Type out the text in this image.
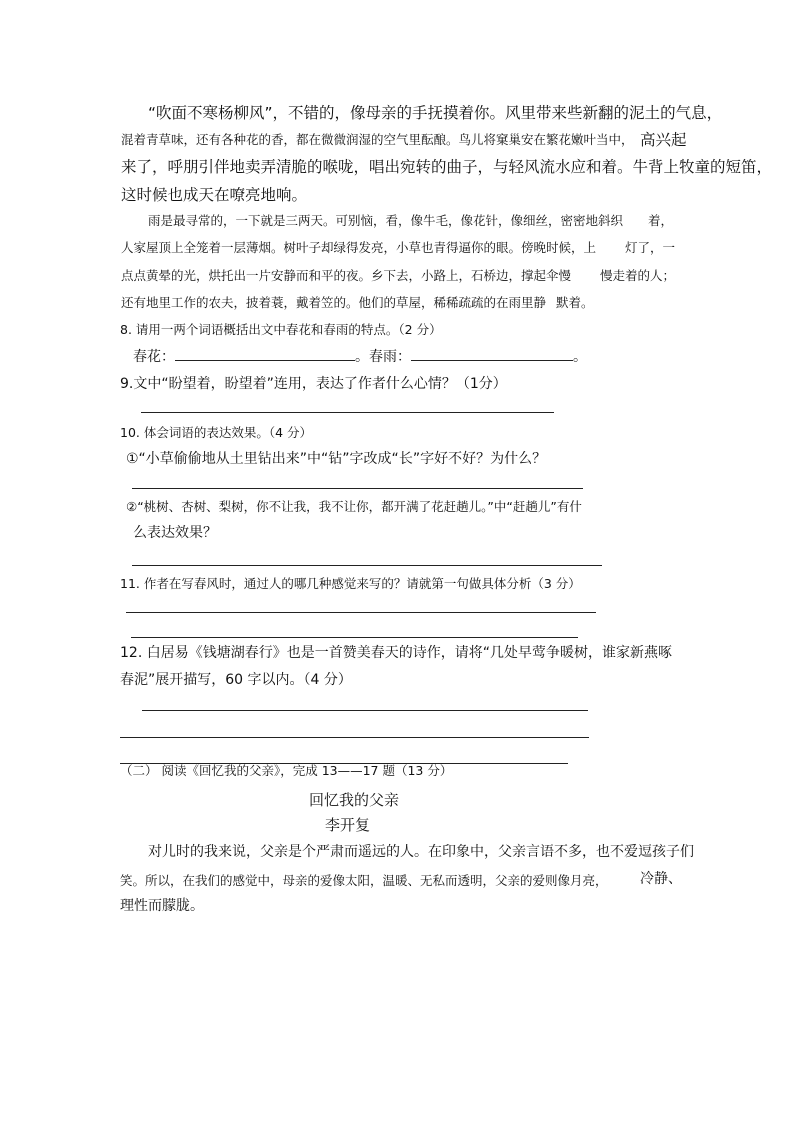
“吹面不寒杨柳风”，不错的，像母亲的手抚摸着你。风里带来些新翻的泥土的气息，
混着青草味，还有各种花的香，都在微微润湿的空气里酝酿。鸟儿将窠巢安在繁花嫩叶当中， 高兴起
来了，呼朋引伴地卖弄清脆的喉咙，唱出宛转的曲子，与轻风流水应和着。牛背上牧童的短笛，
这时候也成天在嘹亮地响。
雨是最寻常的，一下就是三两天。可别恼，看，像牛毛，像花针，像细丝，密密地斜织 着，
人家屋顶上全笼着一层薄烟。树叶子却绿得发亮，小草也青得逼你的眼。傍晚时候，上 灯了，一
点点黄晕的光，烘托出一片安静而和平的夜。乡下去，小路上，石桥边，撑起伞慢 慢走着的人；
还有地里工作的农夫，披着蓑，戴着笠的。他们的草屋，稀稀疏疏的在雨里静 默着。
8. 请用一两个词语概括出文中春花和春雨的特点。（2 分）
春花：	。春雨：	。
9.文中“盼望着，盼望着”连用，表达了作者什么心情？（1分）
10. 体会词语的表达效果。（4 分）
①“小草偷偷地从土里钻出来”中“钻”字改成“长”字好不好？为什么？
②“桃树、杏树、梨树，你不让我，我不让你，都开满了花赶趟儿。”中“赶趟儿”有什
么表达效果？
11. 作者在写春风时，通过人的哪几种感觉来写的？请就第一句做具体分析（3 分）
12. 白居易《钱塘湖春行》也是一首赞美春天的诗作，请将“几处早莺争暖树，谁家新燕啄
春泥”展开描写，60 字以内。（4 分）
（二） 阅读《回忆我的父亲》，完成 13——17 题（13 分）
回忆我的父亲
李开复
对儿时的我来说，父亲是个严肃而遥远的人。在印象中，父亲言语不多，也不爱逗孩子们
笑。所以，在我们的感觉中，母亲的爱像太阳，温暖、无私而透明，父亲的爱则像月亮， 冷静、
理性而朦胧。
